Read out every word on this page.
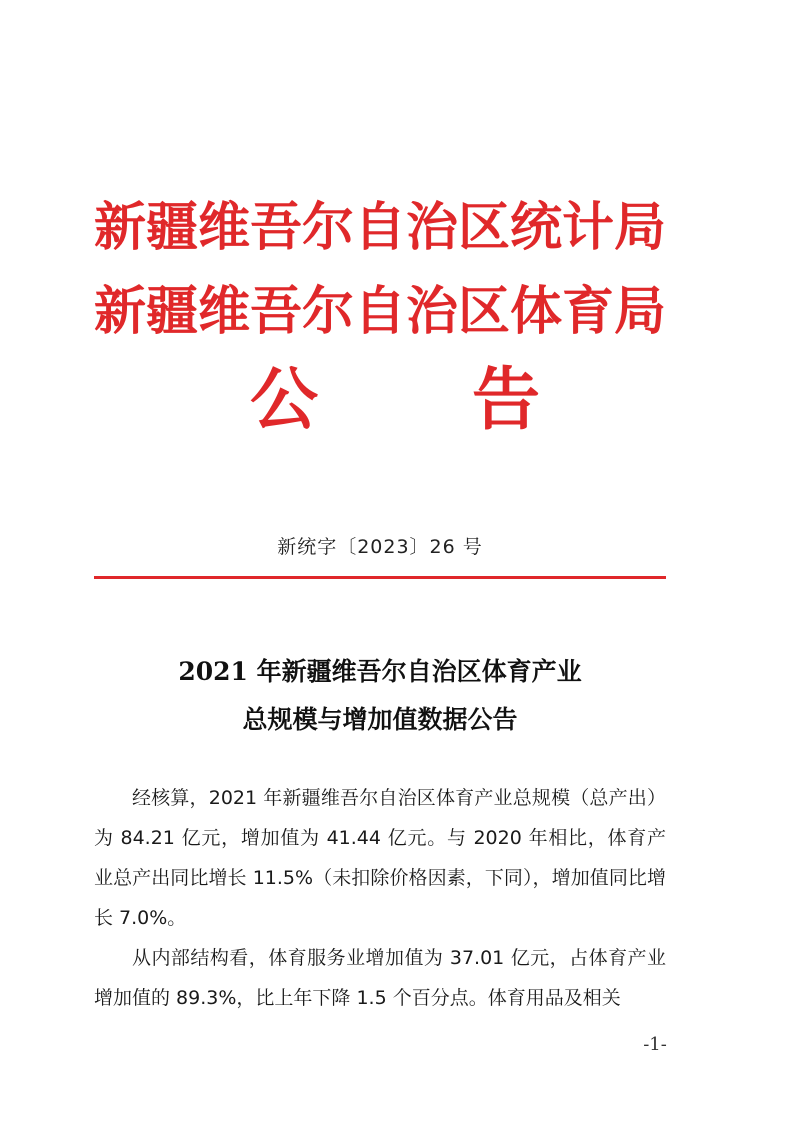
新疆维吾尔自治区统计局
新疆维吾尔自治区体育局
公 告
新统字〔2023〕26 号
2021 年新疆维吾尔自治区体育产业
总规模与增加值数据公告

经核算，2021 年新疆维吾尔自治区体育产业总规模（总产出）为 84.21 亿元，增加值为 41.44 亿元。与 2020 年相比，体育产业总产出同比增长 11.5%（未扣除价格因素，下同），增加值同比增长 7.0%。

从内部结构看，体育服务业增加值为 37.01 亿元，占体育产业增加值的 89.3%，比上年下降 1.5 个百分点。体育用品及相关

-1-
